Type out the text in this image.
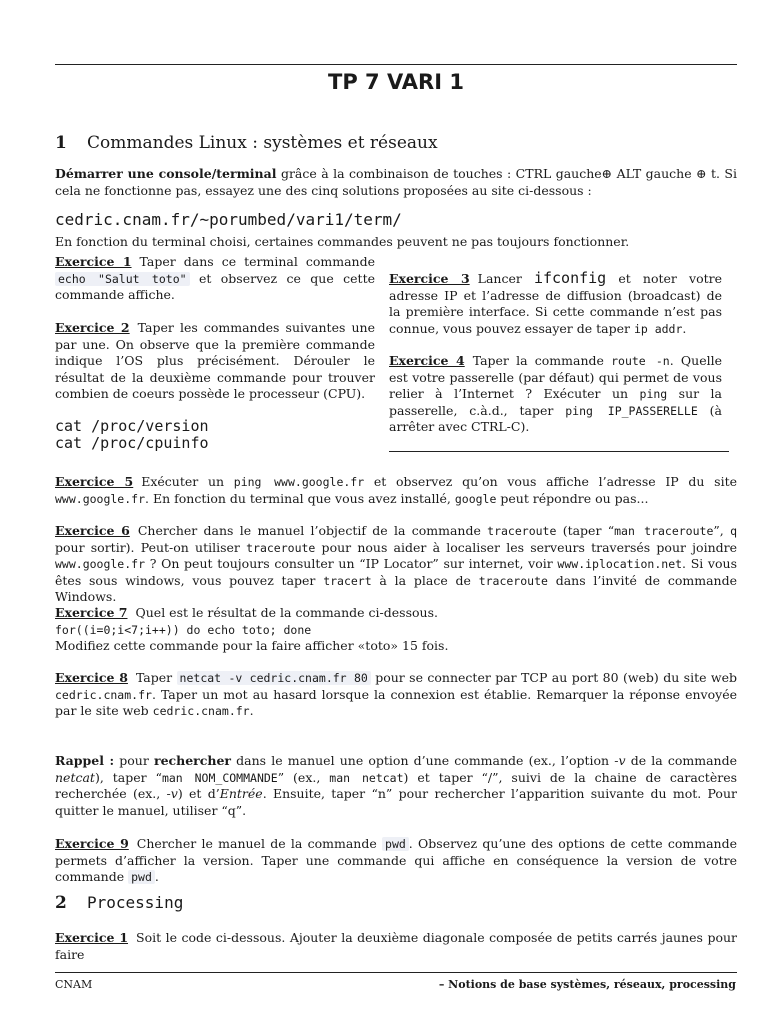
TP 7 VARI 1
1 Commandes Linux : systèmes et réseaux
Démarrer une console/terminal grâce à la combinaison de touches : CTRL gauche⊕ ALT gauche ⊕ t. Si cela ne fonctionne pas, essayez une des cinq solutions proposées au site ci-dessous :
cedric.cnam.fr/~porumbed/vari1/term/
En fonction du terminal choisi, certaines commandes peuvent ne pas toujours fonctionner.
Exercice 1 Taper dans ce terminal commande echo "Salut toto" et observez ce que cette commande affiche.
Exercice 2 Taper les commandes suivantes une par une. On observe que la première commande indique l’OS plus précisément. Dérouler le résultat de la deuxième commande pour trouver combien de coeurs possède le processeur (CPU).
cat /proc/version
cat /proc/cpuinfo
Exercice 3 Lancer ifconfig et noter votre adresse IP et l’adresse de diffusion (broadcast) de la première interface. Si cette commande n’est pas connue, vous pouvez essayer de taper ip addr.
Exercice 4 Taper la commande route -n. Quelle est votre passerelle (par défaut) qui permet de vous relier à l’Internet ? Exécuter un ping sur la passerelle, c.à.d., taper ping IP_PASSERELLE (à arrêter avec CTRL-C).
Exercice 5 Exécuter un ping www.google.fr et observez qu’on vous affiche l’adresse IP du site www.google.fr. En fonction du terminal que vous avez installé, google peut répondre ou pas...
Exercice 6 Chercher dans le manuel l’objectif de la commande traceroute (taper “man traceroute”, q pour sortir). Peut-on utiliser traceroute pour nous aider à localiser les serveurs traversés pour joindre www.google.fr ? On peut toujours consulter un “IP Locator” sur internet, voir www.iplocation.net. Si vous êtes sous windows, vous pouvez taper tracert à la place de traceroute dans l’invité de commande Windows.
Exercice 7 Quel est le résultat de la commande ci-dessous.
for((i=0;i<7;i++)) do echo toto; done
Modifiez cette commande pour la faire afficher «toto» 15 fois.
Exercice 8 Taper netcat -v cedric.cnam.fr 80 pour se connecter par TCP au port 80 (web) du site web cedric.cnam.fr. Taper un mot au hasard lorsque la connexion est établie. Remarquer la réponse envoyée par le site web cedric.cnam.fr.
Rappel : pour rechercher dans le manuel une option d’une commande (ex., l’option -v de la commande netcat), taper “man NOM_COMMANDE” (ex., man netcat) et taper “/”, suivi de la chaine de caractères recherchée (ex., -v) et d’Entrée. Ensuite, taper “n” pour rechercher l’apparition suivante du mot. Pour quitter le manuel, utiliser “q”.
Exercice 9 Chercher le manuel de la commande pwd . Observez qu’une des options de cette commande permets d’afficher la version. Taper une commande qui affiche en conséquence la version de votre commande pwd .
2 Processing
Exercice 1 Soit le code ci-dessous. Ajouter la deuxième diagonale composée de petits carrés jaunes pour faire
CNAM	– Notions de base systèmes, réseaux, processing
